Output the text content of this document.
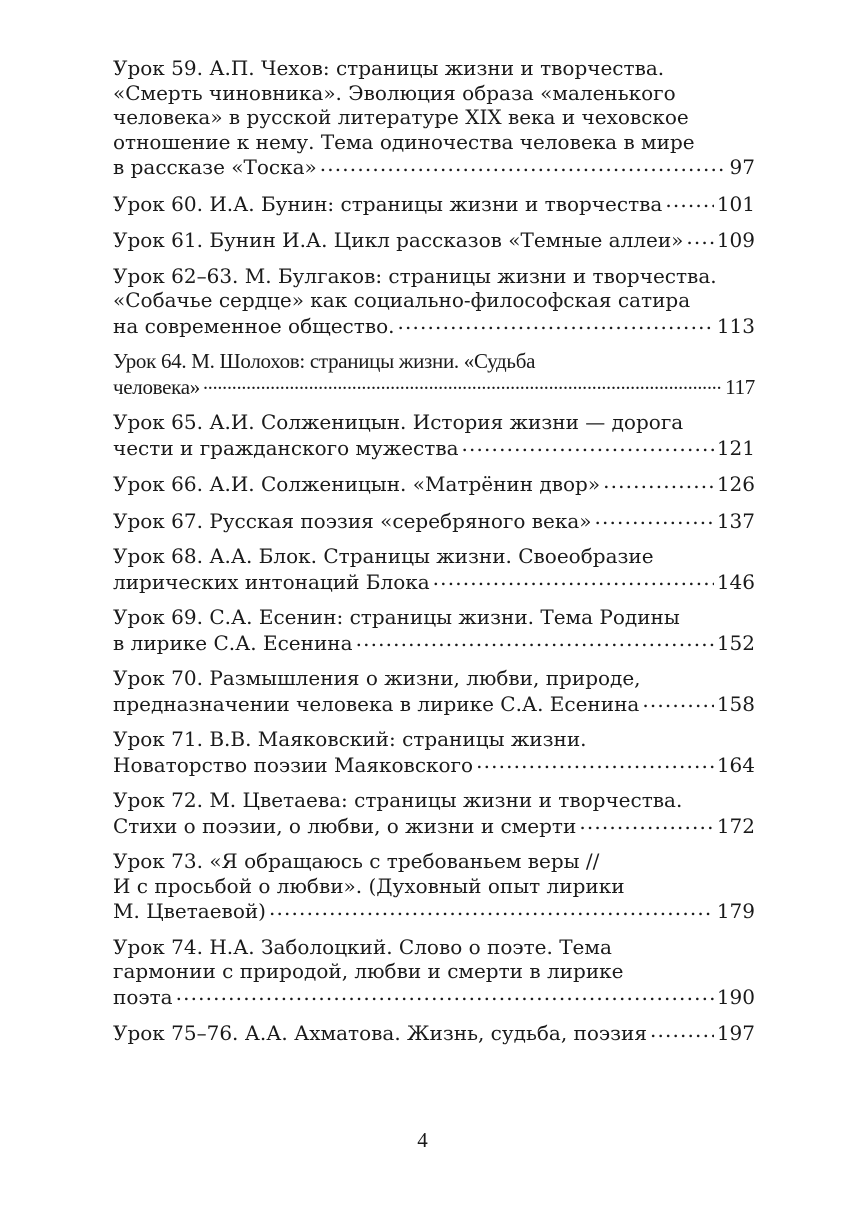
Урок 59. А.П. Чехов: страницы жизни и творчества.
«Смерть чиновника». Эволюция образа «маленького
человека» в русской литературе XIX века и чеховское
отношение к нему. Тема одиночества человека в мире
в рассказе «Тоска» . . .	97
Урок 60. И.А. Бунин: страницы жизни и творчества . . .	101
Урок 61. Бунин И.А. Цикл рассказов «Темные аллеи» . . . 109
Урок 62–63. М. Булгаков: страницы жизни и творчества.
«Собачье сердце» как социально-философская сатира
на современное общество. . . .	113
Урок 64. М. Шолохов: страницы жизни. «Судьба
человека» . . .	117
Урок 65. А.И. Солженицын. История жизни — дорога
чести и гражданского мужества . . .	121
Урок 66. А.И. Солженицын. «Матрёнин двор» . . .	126
Урок 67. Русская поэзия «серебряного века» . . .	137
Урок 68. А.А. Блок. Страницы жизни. Своеобразие
лирических интонаций Блока . . .	146
Урок 69. С.А. Есенин: страницы жизни. Тема Родины
в лирике С.А. Есенина . . .	152
Урок 70. Размышления о жизни, любви, природе,
предназначении человека в лирике С.А. Есенина . . .	158
Урок 71. В.В. Маяковский: страницы жизни.
Новаторство поэзии Маяковского . . .	164
Урок 72. М. Цветаева: страницы жизни и творчества.
Стихи о поэзии, о любви, о жизни и смерти . . .	172
Урок 73. «Я обращаюсь с требованьем веры //
И с просьбой о любви». (Духовный опыт лирики
М. Цветаевой) . . .	179
Урок 74. Н.А. Заболоцкий. Слово о поэте. Тема
гармонии с природой, любви и смерти в лирике
поэта . . .	190
Урок 75–76. А.А. Ахматова. Жизнь, судьба, поэзия . . .	197
4
